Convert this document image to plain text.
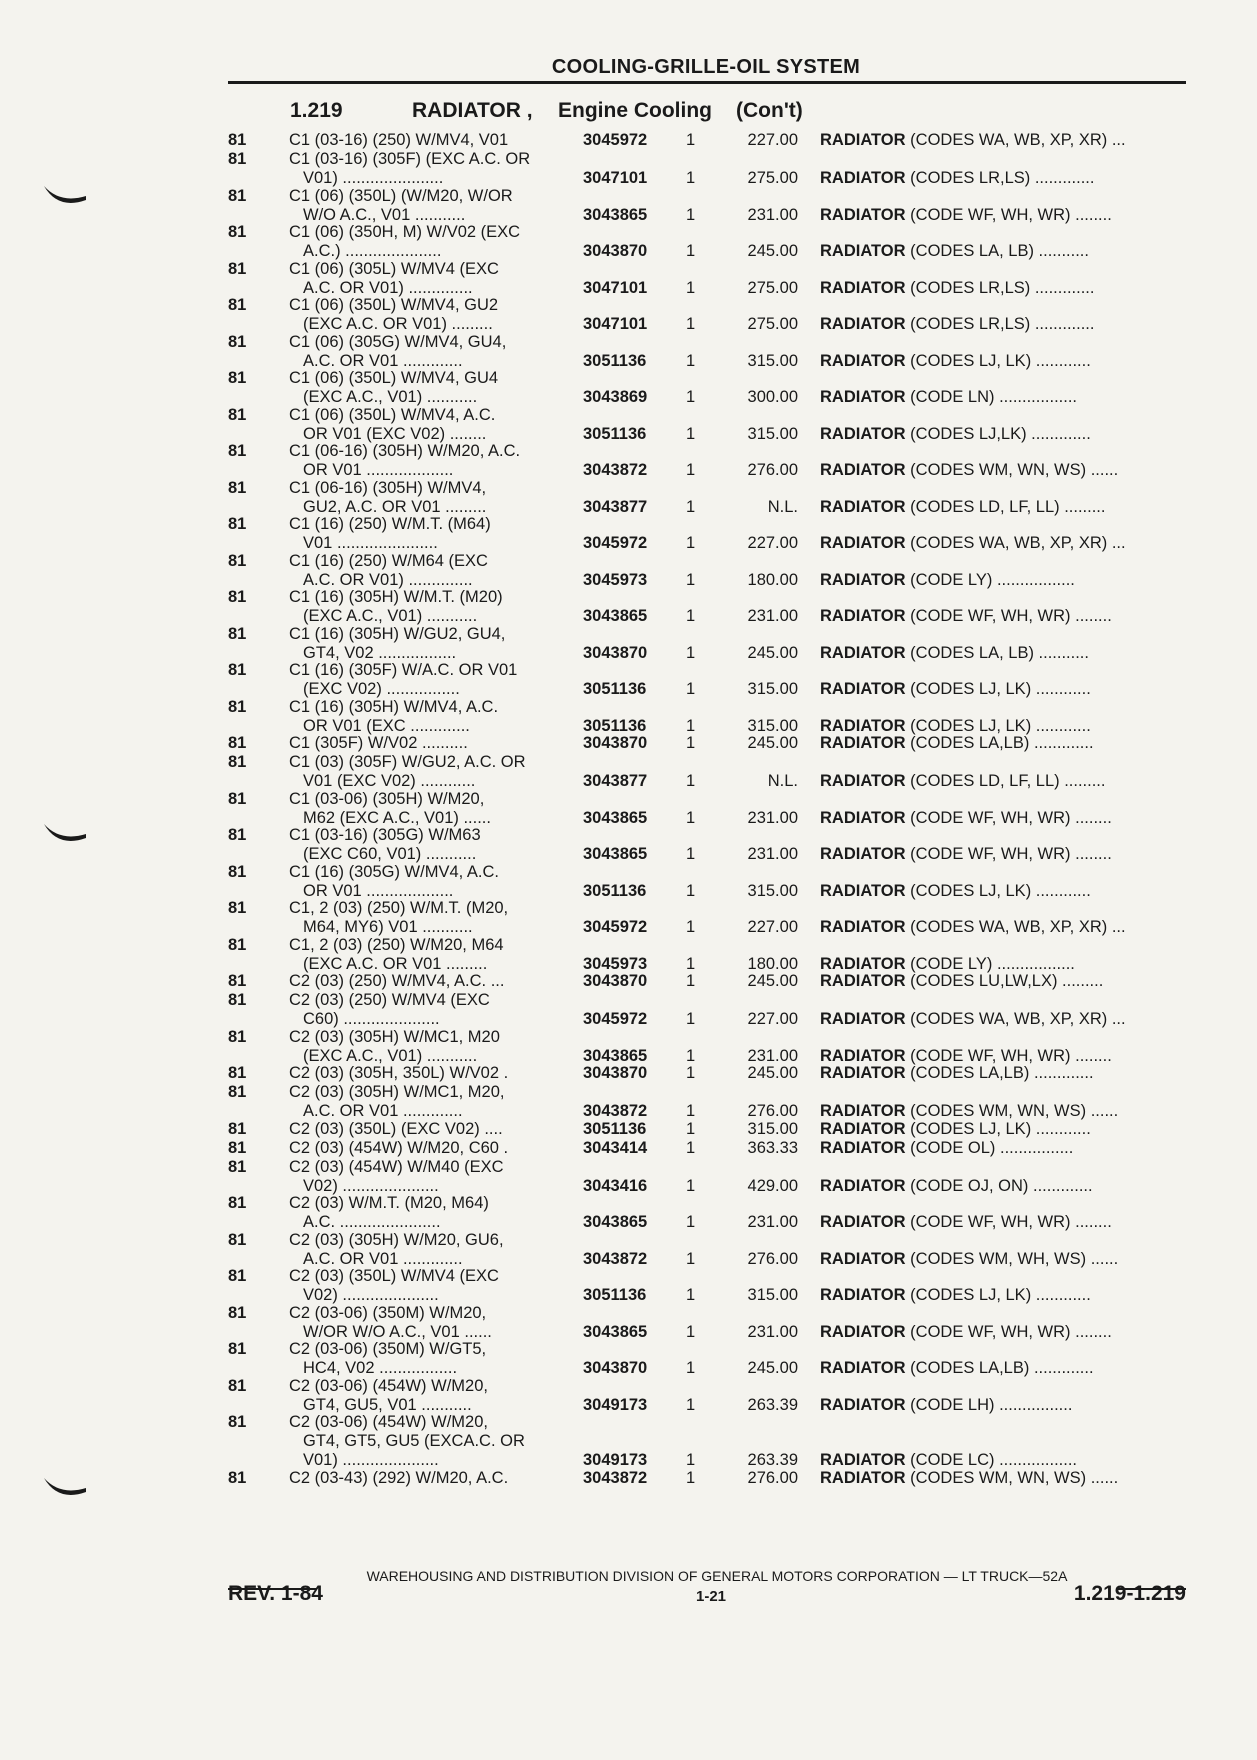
COOLING-GRILLE-OIL SYSTEM
1.219	RADIATOR , Engine Cooling (Con't)
81	C1 (03-16) (250) W/MV4, V01	3045972 1	227.00 RADIATOR (CODES WA, WB, XP, XR) ...
81	C1 (03-16) (305F) (EXC A.C. OR
V01) ......................	3047101 1	275.00 RADIATOR (CODES LR,LS) .............
81	C1 (06) (350L) (W/M20, W/OR
W/O A.C., V01 ...........	3043865 1	231.00 RADIATOR (CODE WF, WH, WR) ........
81	C1 (06) (350H, M) W/V02 (EXC
A.C.) .....................	3043870 1	245.00 RADIATOR (CODES LA, LB) ...........
81	C1 (06) (305L) W/MV4 (EXC
A.C. OR V01) ..............	3047101 1	275.00 RADIATOR (CODES LR,LS) .............
81	C1 (06) (350L) W/MV4, GU2
(EXC A.C. OR V01) .........	3047101 1	275.00 RADIATOR (CODES LR,LS) .............
81	C1 (06) (305G) W/MV4, GU4,
A.C. OR V01 .............	3051136 1	315.00 RADIATOR (CODES LJ, LK) ............
81	C1 (06) (350L) W/MV4, GU4
(EXC A.C., V01) ...........	3043869 1	300.00 RADIATOR (CODE LN) .................
81	C1 (06) (350L) W/MV4, A.C.
OR V01 (EXC V02) ........	3051136 1	315.00 RADIATOR (CODES LJ,LK) .............
81	C1 (06-16) (305H) W/M20, A.C.
OR V01 ...................	3043872 1	276.00 RADIATOR (CODES WM, WN, WS) ......
81	C1 (06-16) (305H) W/MV4,
GU2, A.C. OR V01 .........	3043877 1	N.L. RADIATOR (CODES LD, LF, LL) .........
81	C1 (16) (250) W/M.T. (M64)
V01 ......................	3045972 1	227.00 RADIATOR (CODES WA, WB, XP, XR) ...
81	C1 (16) (250) W/M64 (EXC
A.C. OR V01) ..............	3045973 1	180.00 RADIATOR (CODE LY) .................
81	C1 (16) (305H) W/M.T. (M20)
(EXC A.C., V01) ...........	3043865 1	231.00 RADIATOR (CODE WF, WH, WR) ........
81	C1 (16) (305H) W/GU2, GU4,
GT4, V02 .................	3043870 1	245.00 RADIATOR (CODES LA, LB) ...........
81	C1 (16) (305F) W/A.C. OR V01
(EXC V02) ................	3051136 1	315.00 RADIATOR (CODES LJ, LK) ............
81	C1 (16) (305H) W/MV4, A.C.
OR V01 (EXC .............	3051136 1	315.00 RADIATOR (CODES LJ, LK) ............
81	C1 (305F) W/V02 ..........	3043870 1	245.00 RADIATOR (CODES LA,LB) .............
81	C1 (03) (305F) W/GU2, A.C. OR
V01 (EXC V02) ............	3043877 1	N.L. RADIATOR (CODES LD, LF, LL) .........
81	C1 (03-06) (305H) W/M20,
M62 (EXC A.C., V01) ......	3043865 1	231.00 RADIATOR (CODE WF, WH, WR) ........
81	C1 (03-16) (305G) W/M63
(EXC C60, V01) ...........	3043865 1	231.00 RADIATOR (CODE WF, WH, WR) ........
81	C1 (16) (305G) W/MV4, A.C.
OR V01 ...................	3051136 1	315.00 RADIATOR (CODES LJ, LK) ............
81	C1, 2 (03) (250) W/M.T. (M20,
M64, MY6) V01 ...........	3045972 1	227.00 RADIATOR (CODES WA, WB, XP, XR) ...
81	C1, 2 (03) (250) W/M20, M64
(EXC A.C. OR V01 .........	3045973 1	180.00 RADIATOR (CODE LY) .................
81	C2 (03) (250) W/MV4, A.C. ...	3043870 1	245.00 RADIATOR (CODES LU,LW,LX) .........
81	C2 (03) (250) W/MV4 (EXC
C60) .....................	3045972 1	227.00 RADIATOR (CODES WA, WB, XP, XR) ...
81	C2 (03) (305H) W/MC1, M20
(EXC A.C., V01) ...........	3043865 1	231.00 RADIATOR (CODE WF, WH, WR) ........
81	C2 (03) (305H, 350L) W/V02 .	3043870 1	245.00 RADIATOR (CODES LA,LB) .............
81	C2 (03) (305H) W/MC1, M20,
A.C. OR V01 .............	3043872 1	276.00 RADIATOR (CODES WM, WN, WS) ......
81	C2 (03) (350L) (EXC V02) ....	3051136 1	315.00 RADIATOR (CODES LJ, LK) ............
81	C2 (03) (454W) W/M20, C60 .	3043414 1	363.33 RADIATOR (CODE OL) ................
81	C2 (03) (454W) W/M40 (EXC
V02) .....................	3043416 1	429.00 RADIATOR (CODE OJ, ON) .............
81	C2 (03) W/M.T. (M20, M64)
A.C. ......................	3043865 1	231.00 RADIATOR (CODE WF, WH, WR) ........
81	C2 (03) (305H) W/M20, GU6,
A.C. OR V01 .............	3043872 1	276.00 RADIATOR (CODES WM, WH, WS) ......
81	C2 (03) (350L) W/MV4 (EXC
V02) .....................	3051136 1	315.00 RADIATOR (CODES LJ, LK) ............
81	C2 (03-06) (350M) W/M20,
W/OR W/O A.C., V01 ......	3043865 1	231.00 RADIATOR (CODE WF, WH, WR) ........
81	C2 (03-06) (350M) W/GT5,
HC4, V02 .................	3043870 1	245.00 RADIATOR (CODES LA,LB) .............
81	C2 (03-06) (454W) W/M20,
GT4, GU5, V01 ...........	3049173 1	263.39 RADIATOR (CODE LH) ................
81	C2 (03-06) (454W) W/M20,
GT4, GT5, GU5 (EXCA.C. OR
V01) .....................	3049173 1	263.39 RADIATOR (CODE LC) .................
81	C2 (03-43) (292) W/M20, A.C.	3043872 1	276.00 RADIATOR (CODES WM, WN, WS) ......
WAREHOUSING AND DISTRIBUTION DIVISION OF GENERAL MOTORS CORPORATION — LT TRUCK—52A
REV. 1-84	1-21	1.219-1.219
